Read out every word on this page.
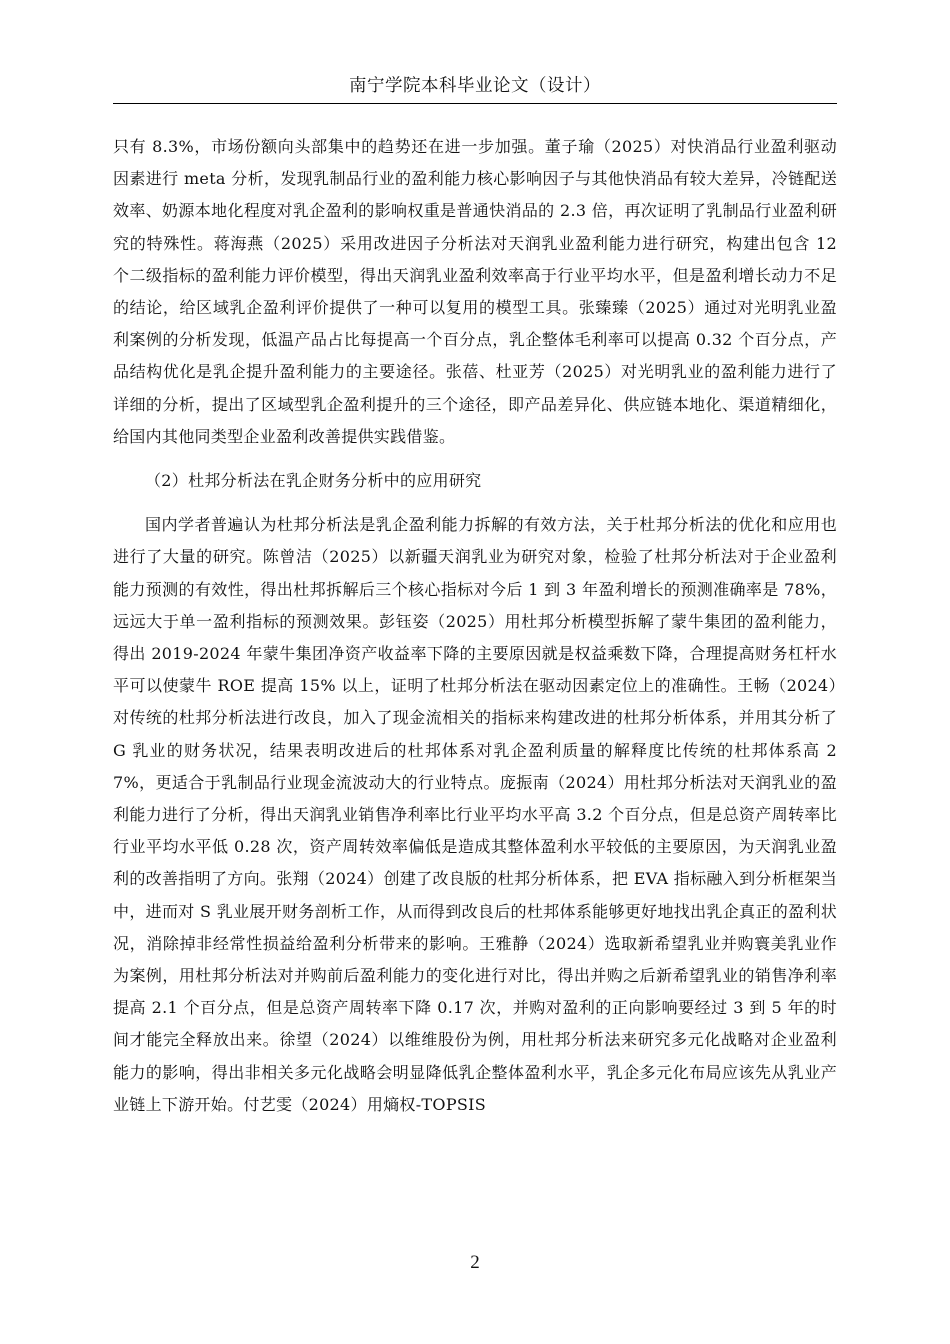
南宁学院本科毕业论文（设计）

只有 8.3%，市场份额向头部集中的趋势还在进一步加强。董子瑜（2025）对快消品行业盈利驱动因素进行 meta 分析，发现乳制品行业的盈利能力核心影响因子与其他快消品有较大差异，冷链配送效率、奶源本地化程度对乳企盈利的影响权重是普通快消品的 2.3 倍，再次证明了乳制品行业盈利研究的特殊性。蒋海燕（2025）采用改进因子分析法对天润乳业盈利能力进行研究，构建出包含 12 个二级指标的盈利能力评价模型，得出天润乳业盈利效率高于行业平均水平，但是盈利增长动力不足的结论，给区域乳企盈利评价提供了一种可以复用的模型工具。张臻臻（2025）通过对光明乳业盈利案例的分析发现，低温产品占比每提高一个百分点，乳企整体毛利率可以提高 0.32 个百分点，产品结构优化是乳企提升盈利能力的主要途径。张蓓、杜亚芳（2025）对光明乳业的盈利能力进行了详细的分析，提出了区域型乳企盈利提升的三个途径，即产品差异化、供应链本地化、渠道精细化，给国内其他同类型企业盈利改善提供实践借鉴。

（2）杜邦分析法在乳企财务分析中的应用研究

国内学者普遍认为杜邦分析法是乳企盈利能力拆解的有效方法，关于杜邦分析法的优化和应用也进行了大量的研究。陈曾洁（2025）以新疆天润乳业为研究对象，检验了杜邦分析法对于企业盈利能力预测的有效性，得出杜邦拆解后三个核心指标对今后 1 到 3 年盈利增长的预测准确率是 78%，远远大于单一盈利指标的预测效果。彭钰姿（2025）用杜邦分析模型拆解了蒙牛集团的盈利能力，得出 2019-2024 年蒙牛集团净资产收益率下降的主要原因就是权益乘数下降，合理提高财务杠杆水平可以使蒙牛 ROE 提高 15% 以上，证明了杜邦分析法在驱动因素定位上的准确性。王畅（2024）对传统的杜邦分析法进行改良，加入了现金流相关的指标来构建改进的杜邦分析体系，并用其分析了 G 乳业的财务状况，结果表明改进后的杜邦体系对乳企盈利质量的解释度比传统的杜邦体系高 27%，更适合于乳制品行业现金流波动大的行业特点。庞振南（2024）用杜邦分析法对天润乳业的盈利能力进行了分析，得出天润乳业销售净利率比行业平均水平高 3.2 个百分点，但是总资产周转率比行业平均水平低 0.28 次，资产周转效率偏低是造成其整体盈利水平较低的主要原因，为天润乳业盈利的改善指明了方向。张翔（2024）创建了改良版的杜邦分析体系，把 EVA 指标融入到分析框架当中，进而对 S 乳业展开财务剖析工作，从而得到改良后的杜邦体系能够更好地找出乳企真正的盈利状况，消除掉非经常性损益给盈利分析带来的影响。王雅静（2024）选取新希望乳业并购寰美乳业作为案例，用杜邦分析法对并购前后盈利能力的变化进行对比，得出并购之后新希望乳业的销售净利率提高 2.1 个百分点，但是总资产周转率下降 0.17 次，并购对盈利的正向影响要经过 3 到 5 年的时间才能完全释放出来。徐望（2024）以维维股份为例，用杜邦分析法来研究多元化战略对企业盈利能力的影响，得出非相关多元化战略会明显降低乳企整体盈利水平，乳企多元化布局应该先从乳业产业链上下游开始。付艺雯（2024）用熵权-TOPSIS

2
